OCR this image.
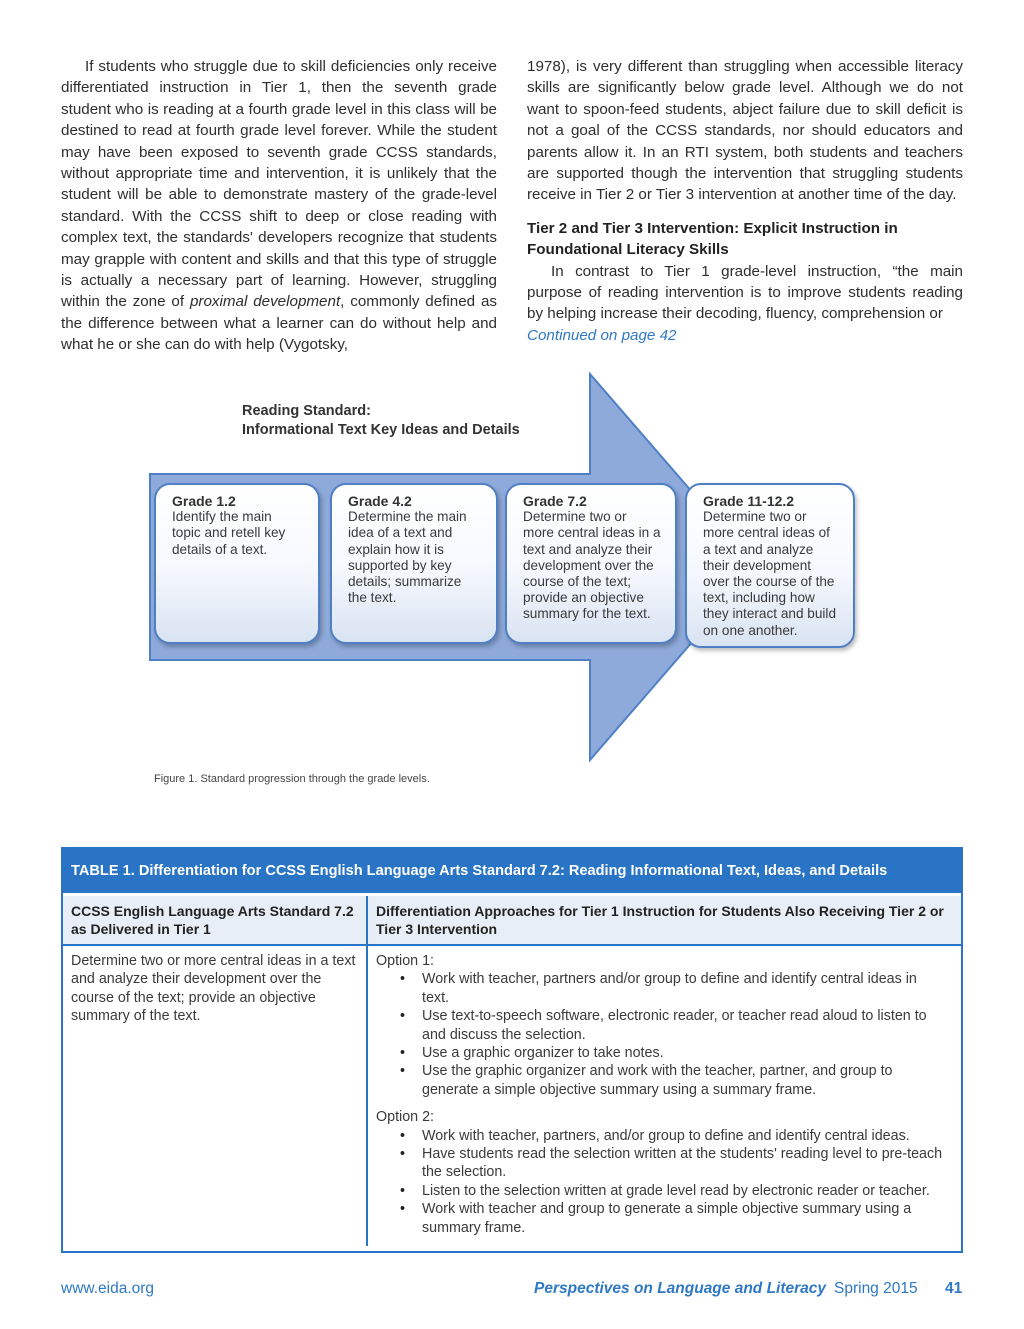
If students who struggle due to skill deficiencies only receive differentiated instruction in Tier 1, then the seventh grade student who is reading at a fourth grade level in this class will be destined to read at fourth grade level forever. While the student may have been exposed to seventh grade CCSS standards, without appropriate time and intervention, it is unlikely that the student will be able to demonstrate mastery of the grade-level standard. With the CCSS shift to deep or close reading with complex text, the standards' developers recognize that students may grapple with content and skills and that this type of struggle is actually a necessary part of learning. However, struggling within the zone of proximal development, commonly defined as the difference between what a learner can do without help and what he or she can do with help (Vygotsky,

1978), is very different than struggling when accessible literacy skills are significantly below grade level. Although we do not want to spoon-feed students, abject failure due to skill deficit is not a goal of the CCSS standards, nor should educators and parents allow it. In an RTI system, both students and teachers are supported though the intervention that struggling students receive in Tier 2 or Tier 3 intervention at another time of the day.

Tier 2 and Tier 3 Intervention: Explicit Instruction in Foundational Literacy Skills

In contrast to Tier 1 grade-level instruction, “the main purpose of reading intervention is to improve students reading by helping increase their decoding, fluency, comprehension or

Continued on page 42

Reading Standard:
Informational Text Key Ideas and Details
Grade 1.2
Identify the main topic and retell key details of a text.
Grade 4.2
Determine the main idea of a text and explain how it is supported by key details; summarize the text.
Grade 7.2
Determine two or more central ideas in a text and analyze their development over the course of the text; provide an objective summary for the text.
Grade 11-12.2
Determine two or more central ideas of a text and analyze their development over the course of the text, including how they interact and build on one another.
Figure 1. Standard progression through the grade levels.
TABLE 1. Differentiation for CCSS English Language Arts Standard 7.2: Reading Informational Text, Ideas, and Details
CCSS English Language Arts Standard 7.2 as Delivered in Tier 1
Differentiation Approaches for Tier 1 Instruction for Students Also Receiving Tier 2 or Tier 3 Intervention
Determine two or more central ideas in a text and analyze their development over the course of the text; provide an objective summary of the text.

Option 1:

• Work with teacher, partners and/or group to define and identify central ideas in text.
• Use text-to-speech software, electronic reader, or teacher read aloud to listen to and discuss the selection.
• Use a graphic organizer to take notes.
• Use the graphic organizer and work with the teacher, partner, and group to generate a simple objective summary using a summary frame.

Option 2:

• Work with teacher, partners, and/or group to define and identify central ideas.
• Have students read the selection written at the students' reading level to pre-teach the selection.
• Listen to the selection written at grade level read by electronic reader or teacher.
• Work with teacher and group to generate a simple objective summary using a summary frame.
www.eida.org	Perspectives on Language and Literacy Spring 2015 41
